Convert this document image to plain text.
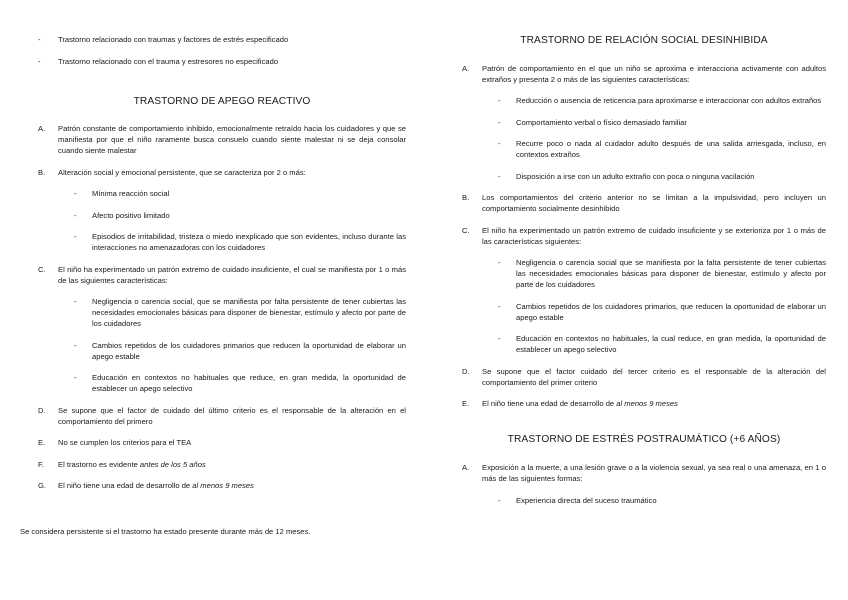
-	Trastorno relacionado con traumas y factores de estrés especificado
-	Trastorno relacionado con el trauma y estresores no especificado
TRASTORNO DE APEGO REACTIVO
A.	Patrón constante de comportamiento inhibido, emocionalmente retraído hacia los cuidadores y que se manifiesta por que el niño raramente busca consuelo cuando siente malestar ni se deja consolar cuando siente malestar
B.	Alteración social y emocional persistente, que se caracteriza por 2 o más:
-	Mínima reacción social
-	Afecto positivo limitado
-	Episodios de irritabilidad, tristeza o miedo inexplicado que son evidentes, incluso durante las interacciones no amenazadoras con los cuidadores
C.	El niño ha experimentado un patrón extremo de cuidado insuficiente, el cual se manifiesta por 1 o más de las siguientes características:
-	Negligencia o carencia social, que se manifiesta por falta persistente de tener cubiertas las necesidades emocionales básicas para disponer de bienestar, estímulo y afecto por parte de los cuidadores
-	Cambios repetidos de los cuidadores primarios que reducen la oportunidad de elaborar un apego estable
-	Educación en contextos no habituales que reduce, en gran medida, la oportunidad de establecer un apego selectivo
D.	Se supone que el factor de cuidado del último criterio es el responsable de la alteración en el comportamiento del primero
E.	No se cumplen los criterios para el TEA
F.	El trastorno es evidente antes de los 5 años
G.	El niño tiene una edad de desarrollo de al menos 9 meses
Se considera persistente si el trastorno ha estado presente durante más de 12 meses.
TRASTORNO DE RELACIÓN SOCIAL DESINHIBIDA
A.	Patrón de comportamiento en el que un niño se aproxima e interacciona activamente con adultos extraños y presenta 2 o más de las siguientes características:
-	Reducción o ausencia de reticencia para aproximarse e interaccionar con adultos extraños
-	Comportamiento verbal o físico demasiado familiar
-	Recurre poco o nada al cuidador adulto después de una salida arriesgada, incluso, en contextos extraños
-	Disposición a irse con un adulto extraño con poca o ninguna vacilación
B.	Los comportamientos del criterio anterior no se limitan a la impulsividad, pero incluyen un comportamiento socialmente desinhibido
C.	El niño ha experimentado un patrón extremo de cuidado insuficiente y se exterioriza por 1 o más de las características siguientes:
-	Negligencia o carencia social que se manifiesta por la falta persistente de tener cubiertas las necesidades emocionales básicas para disponer de bienestar, estímulo y afecto por parte de los cuidadores
-	Cambios repetidos de los cuidadores primarios, que reducen la oportunidad de elaborar un apego estable
-	Educación en contextos no habituales, la cual reduce, en gran medida, la oportunidad de establecer un apego selectivo
D.	Se supone que el factor cuidado del tercer criterio es el responsable de la alteración del comportamiento del primer criterio
E.	El niño tiene una edad de desarrollo de al menos 9 meses
TRASTORNO DE ESTRÉS POSTRAUMÁTICO (+6 AÑOS)
A.	Exposición a la muerte, a una lesión grave o a la violencia sexual, ya sea real o una amenaza, en 1 o más de las siguientes formas:
-	Experiencia directa del suceso traumático
